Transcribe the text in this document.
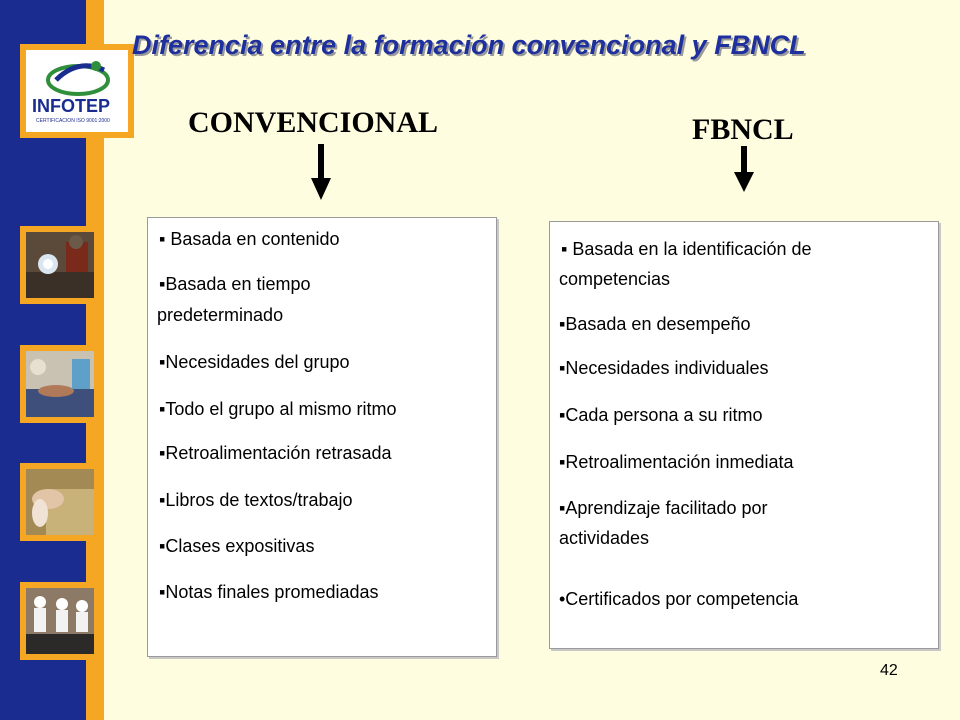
INFOTEP
CERTIFICACION ISO 9001:2000
Diferencia entre la formación convencional y FBNCL
CONVENCIONAL	FBNCL
▪ Basada en contenido
▪Basada en tiempo
predeterminado
▪Necesidades del grupo
▪Todo el grupo al mismo ritmo
▪Retroalimentación retrasada
▪Libros de textos/trabajo
▪Clases expositivas
▪Notas finales promediadas
▪ Basada en la identificación de
competencias
▪Basada en desempeño
▪Necesidades individuales
▪Cada persona a su ritmo
▪Retroalimentación inmediata
▪Aprendizaje facilitado por
actividades
•Certificados por competencia
42
